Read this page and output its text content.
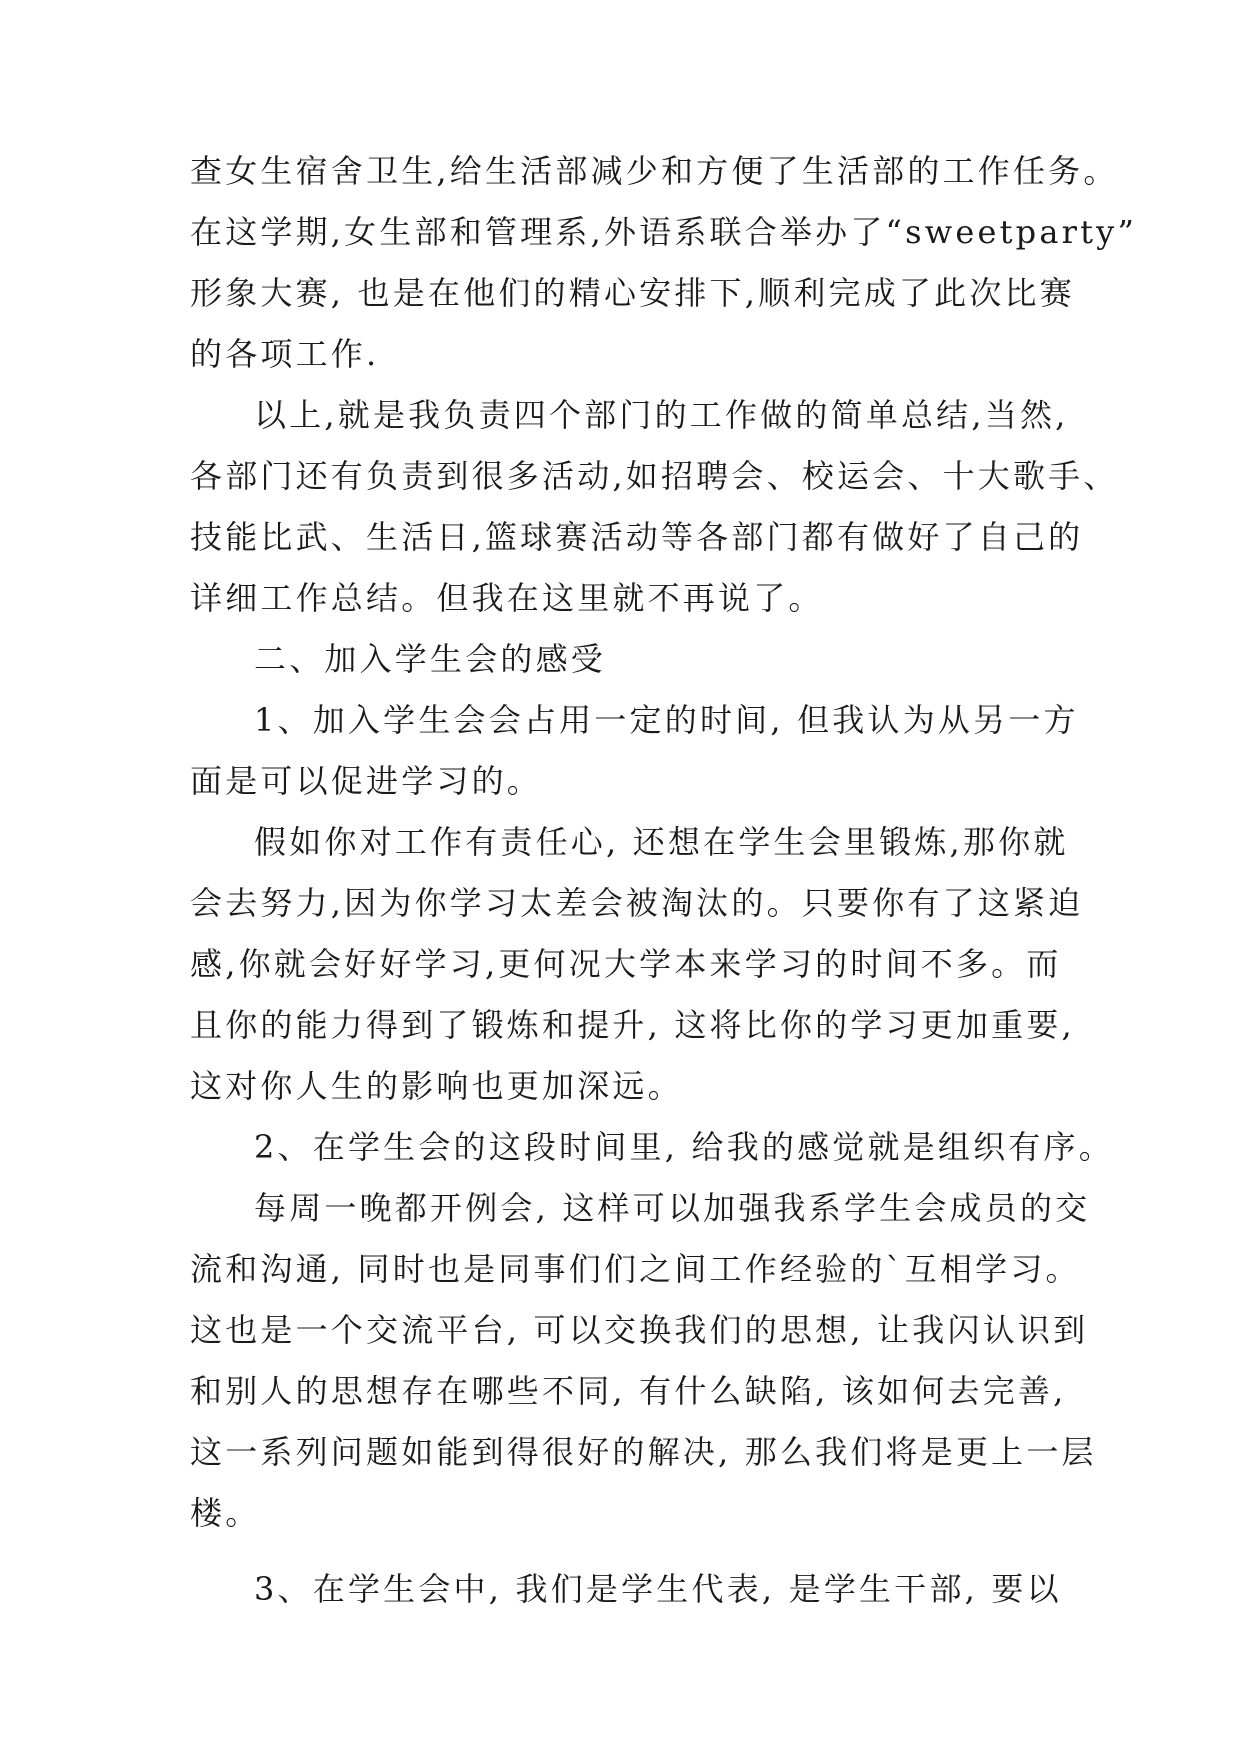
查女生宿舍卫生,给生活部减少和方便了生活部的工作任务。

在这学期,女生部和管理系,外语系联合举办了“sweetparty”

形象大赛, 也是在他们的精心安排下,顺利完成了此次比赛

的各项工作.

以上,就是我负责四个部门的工作做的简单总结,当然,

各部门还有负责到很多活动,如招聘会、校运会、十大歌手、

技能比武、生活日,篮球赛活动等各部门都有做好了自己的

详细工作总结。但我在这里就不再说了。

二、加入学生会的感受

1、加入学生会会占用一定的时间, 但我认为从另一方

面是可以促进学习的。

假如你对工作有责任心, 还想在学生会里锻炼,那你就

会去努力,因为你学习太差会被淘汰的。只要你有了这紧迫

感,你就会好好学习,更何况大学本来学习的时间不多。而

且你的能力得到了锻炼和提升, 这将比你的学习更加重要,

这对你人生的影响也更加深远。

2、在学生会的这段时间里, 给我的感觉就是组织有序。

每周一晚都开例会, 这样可以加强我系学生会成员的交

流和沟通, 同时也是同事们们之间工作经验的`互相学习。

这也是一个交流平台, 可以交换我们的思想, 让我闪认识到

和别人的思想存在哪些不同, 有什么缺陷, 该如何去完善,

这一系列问题如能到得很好的解决, 那么我们将是更上一层

楼。

3、在学生会中, 我们是学生代表, 是学生干部, 要以
